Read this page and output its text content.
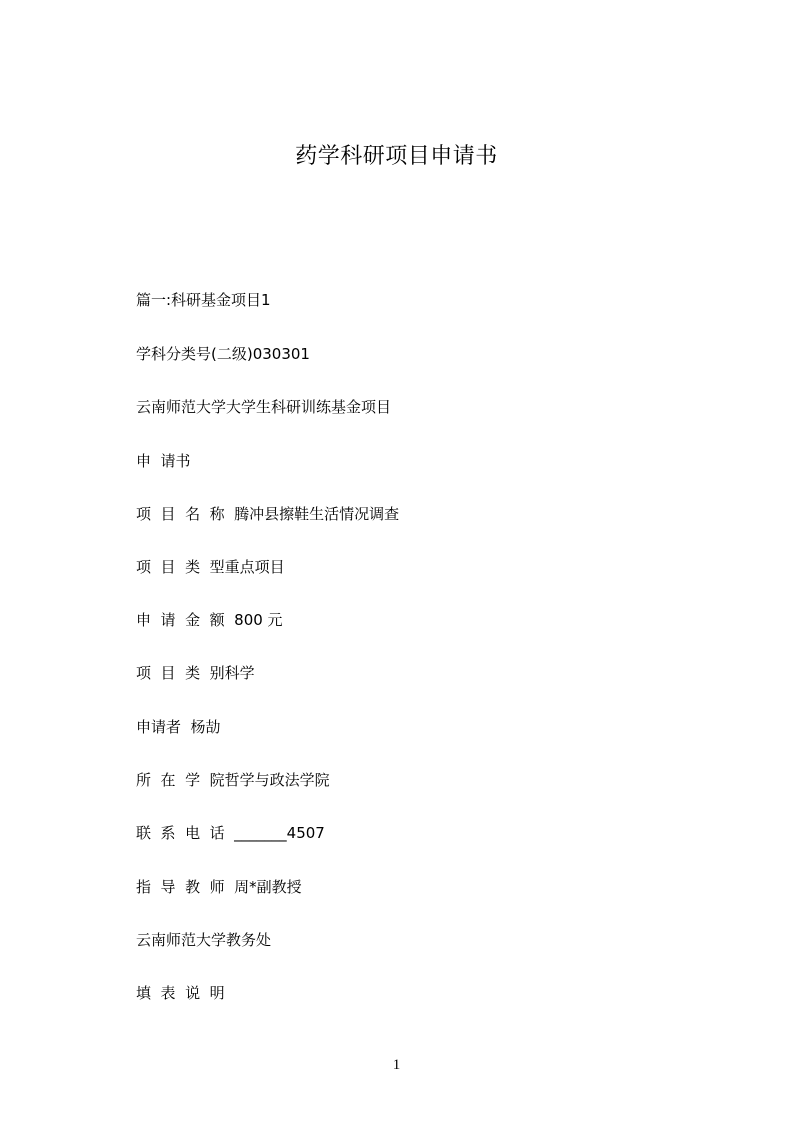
药学科研项目申请书
篇一:科研基金项目1
学科分类号(二级)030301
云南师范大学大学生科研训练基金项目
申  请书
项  目  名  称  腾冲县擦鞋生活情况调查
项  目  类  型重点项目
申  请  金  额  800 元
项  目  类  别科学
申请者  杨劼
所  在  学  院哲学与政法学院
联  系  电  话  _______4507
指  导  教  师  周*副教授
云南师范大学教务处
填  表  说  明
1
